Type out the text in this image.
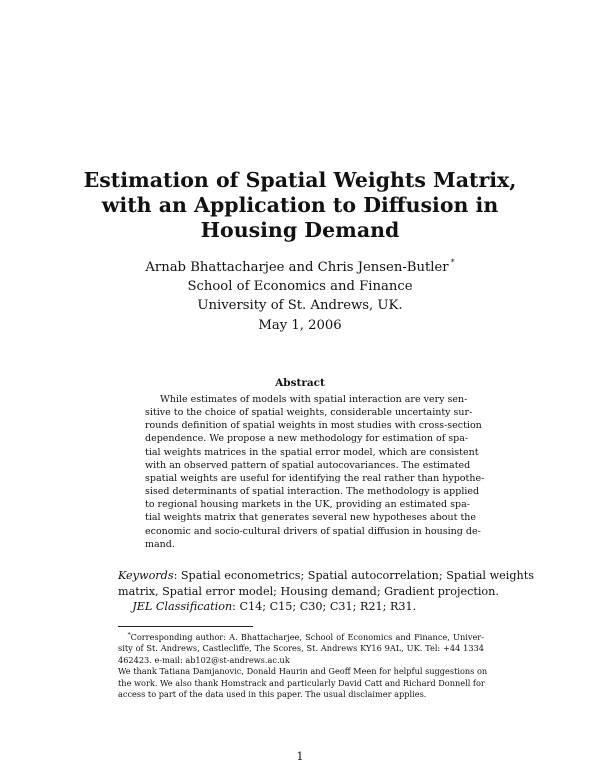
Estimation of Spatial Weights Matrix,
with an Application to Diffusion in
Housing Demand
Arnab Bhattacharjee and Chris Jensen-Butler *
School of Economics and Finance
University of St. Andrews, UK.
May 1, 2006
Abstract
While estimates of models with spatial interaction are very sen-
sitive to the choice of spatial weights, considerable uncertainty sur-
rounds definition of spatial weights in most studies with cross-section
dependence. We propose a new methodology for estimation of spa-
tial weights matrices in the spatial error model, which are consistent
with an observed pattern of spatial autocovariances. The estimated
spatial weights are useful for identifying the real rather than hypothe-
sised determinants of spatial interaction. The methodology is applied
to regional housing markets in the UK, providing an estimated spa-
tial weights matrix that generates several new hypotheses about the
economic and socio-cultural drivers of spatial diffusion in housing de-
mand.
Keywords: Spatial econometrics; Spatial autocorrelation; Spatial weights
matrix, Spatial error model; Housing demand; Gradient projection.
JEL Classification: C14; C15; C30; C31; R21; R31.
*Corresponding author: A. Bhattacharjee, School of Economics and Finance, Univer-
sity of St. Andrews, Castlecliffe, The Scores, St. Andrews KY16 9AL, UK. Tel: +44 1334
462423. e-mail: ab102@st-andrews.ac.uk
We thank Tatiana Damjanovic, Donald Haurin and Geoff Meen for helpful suggestions on
the work. We also thank Homstrack and particularly David Catt and Richard Donnell for
access to part of the data used in this paper. The usual disclaimer applies.
1
